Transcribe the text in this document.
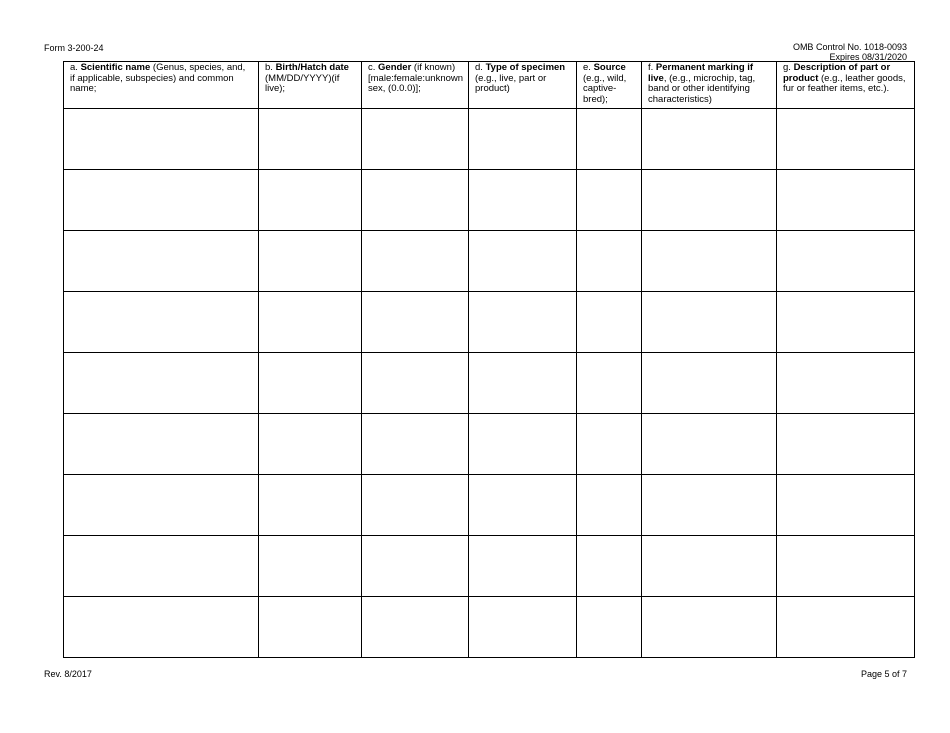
Form 3-200-24	OMB Control No. 1018-0093
Expires 08/31/2020
a. Scientific name (Genus, species, and, if applicable, subspecies) and common name;	b. Birth/Hatch date (MM/DD/YYYY)(if live);	c. Gender (if known) [male:female:unknown sex, (0.0.0)];	d. Type of specimen (e.g., live, part or product)	e. Source (e.g., wild, captive-bred);	f. Permanent marking if live, (e.g., microchip, tag, band or other identifying characteristics)	g. Description of part or product (e.g., leather goods, fur or feather items, etc.).

Rev. 8/2017	Page 5 of 7
